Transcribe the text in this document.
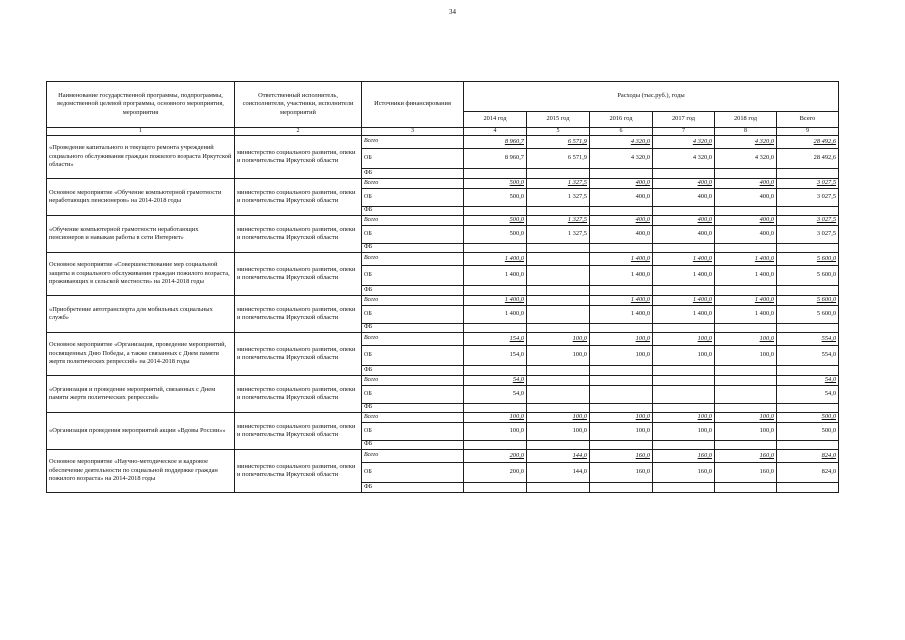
34
Наименование государственной программы, подпрограммы, ведомственной целевой программы, основного мероприятия, мероприятия	Ответственный исполнитель, соисполнители, участники, исполнители мероприятий	Источники финансирования	Расходы (тыс.руб.), годы					
			2014 год	2015 год	2016 год	2017 год	2018 год	Всего
1	2	3	4	5	6	7	8	9
«Проведение капитального и текущего ремонта учреждений социального обслуживания граждан пожилого возраста Иркутской области»	министерство социального развития, опеки и попечительства Иркутской области	Всего	8 960,7	6 571,9	4 320,0	4 320,0	4 320,0	28 492,6
		ОБ	8 960,7	6 571,9	4 320,0	4 320,0	4 320,0	28 492,6
		ФБ						
Основное мероприятие «Обучение компьютерной грамотности неработающих пенсионеров» на 2014-2018 годы	министерство социального развития, опеки и попечительства Иркутской области	Всего	500,0	1 327,5	400,0	400,0	400,0	3 027,5
		ОБ	500,0	1 327,5	400,0	400,0	400,0	3 027,5
		ФБ						
«Обучение компьютерной грамотности неработающих пенсионеров и навыкам работы в сети Интернет»	министерство социального развития, опеки и попечительства Иркутской области	Всего	500,0	1 327,5	400,0	400,0	400,0	3 027,5
		ОБ	500,0	1 327,5	400,0	400,0	400,0	3 027,5
		ФБ						
Основное мероприятие «Совершенствование мер социальной защиты и социального обслуживания граждан пожилого возраста, проживающих в сельской местности» на 2014-2018 годы	министерство социального развития, опеки и попечительства Иркутской области	Всего	1 400,0		1 400,0	1 400,0	1 400,0	5 600,0
		ОБ	1 400,0		1 400,0	1 400,0	1 400,0	5 600,0
		ФБ						
«Приобретение автотранспорта для мобильных социальных служб»	министерство социального развития, опеки и попечительства Иркутской области	Всего	1 400,0		1 400,0	1 400,0	1 400,0	5 600,0
		ОБ	1 400,0		1 400,0	1 400,0	1 400,0	5 600,0
		ФБ						
Основное мероприятие «Организация, проведение мероприятий, посвященных Дню Победы, а также связанных с Днем памяти жертв политических репрессий» на 2014-2018 годы	министерство социального развития, опеки и попечительства Иркутской области	Всего	154,0	100,0	100,0	100,0	100,0	554,0
		ОБ	154,0	100,0	100,0	100,0	100,0	554,0
		ФБ						
«Организация и проведение мероприятий, связанных с Днем памяти жертв политических репрессий»	министерство социального развития, опеки и попечительства Иркутской области	Всего	54,0					54,0
		ОБ	54,0					54,0
		ФБ						
«Организация проведения мероприятий акции «Вдовы России»»	министерство социального развития, опеки и попечительства Иркутской области	Всего	100,0	100,0	100,0	100,0	100,0	500,0
		ОБ	100,0	100,0	100,0	100,0	100,0	500,0
		ФБ						
Основное мероприятие «Научно-методическое и кадровое обеспечение деятельности по социальной поддержке граждан пожилого возраста» на 2014-2018 годы	министерство социального развития, опеки и попечительства Иркутской области	Всего	200,0	144,0	160,0	160,0	160,0	824,0
		ОБ	200,0	144,0	160,0	160,0	160,0	824,0
		ФБ						
